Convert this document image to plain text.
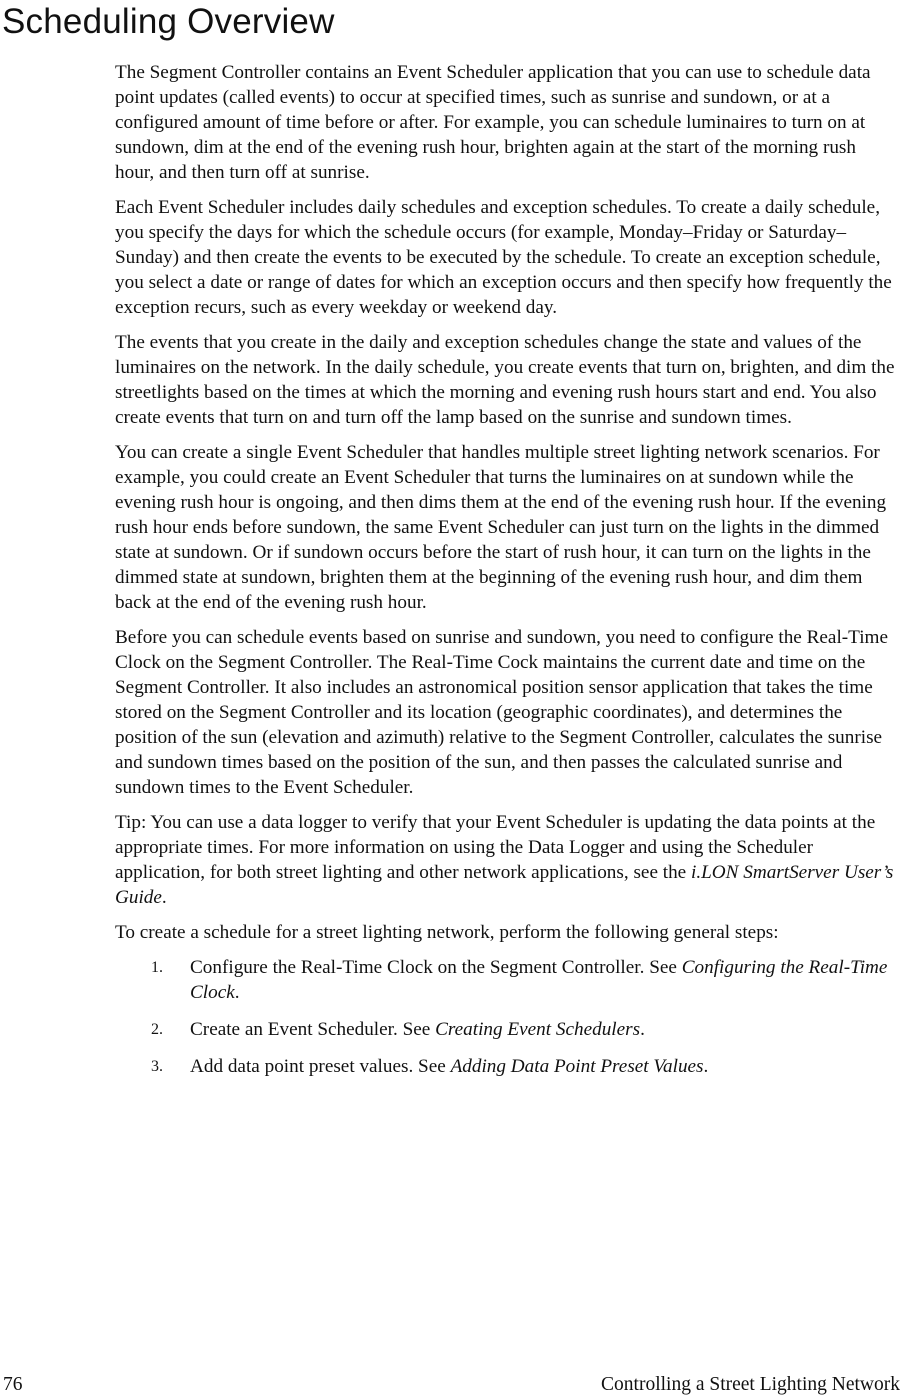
Scheduling Overview

The Segment Controller contains an Event Scheduler application that you can use to schedule data point updates (called events) to occur at specified times, such as sunrise and sundown, or at a configured amount of time before or after. For example, you can schedule luminaires to turn on at sundown, dim at the end of the evening rush hour, brighten again at the start of the morning rush hour, and then turn off at sunrise.

Each Event Scheduler includes daily schedules and exception schedules. To create a daily schedule, you specify the days for which the schedule occurs (for example, Monday–Friday or Saturday–Sunday) and then create the events to be executed by the schedule. To create an exception schedule, you select a date or range of dates for which an exception occurs and then specify how frequently the exception recurs, such as every weekday or weekend day.

The events that you create in the daily and exception schedules change the state and values of the luminaires on the network. In the daily schedule, you create events that turn on, brighten, and dim the streetlights based on the times at which the morning and evening rush hours start and end. You also create events that turn on and turn off the lamp based on the sunrise and sundown times.

You can create a single Event Scheduler that handles multiple street lighting network scenarios. For example, you could create an Event Scheduler that turns the luminaires on at sundown while the evening rush hour is ongoing, and then dims them at the end of the evening rush hour. If the evening rush hour ends before sundown, the same Event Scheduler can just turn on the lights in the dimmed state at sundown. Or if sundown occurs before the start of rush hour, it can turn on the lights in the dimmed state at sundown, brighten them at the beginning of the evening rush hour, and dim them back at the end of the evening rush hour.

Before you can schedule events based on sunrise and sundown, you need to configure the Real-Time Clock on the Segment Controller. The Real-Time Cock maintains the current date and time on the Segment Controller. It also includes an astronomical position sensor application that takes the time stored on the Segment Controller and its location (geographic coordinates), and determines the position of the sun (elevation and azimuth) relative to the Segment Controller, calculates the sunrise and sundown times based on the position of the sun, and then passes the calculated sunrise and sundown times to the Event Scheduler.

Tip: You can use a data logger to verify that your Event Scheduler is updating the data points at the appropriate times. For more information on using the Data Logger and using the Scheduler application, for both street lighting and other network applications, see the i.LON SmartServer User’s Guide.

To create a schedule for a street lighting network, perform the following general steps:

1. Configure the Real-Time Clock on the Segment Controller. See Configuring the Real-Time Clock.
2. Create an Event Scheduler. See Creating Event Schedulers.
3. Add data point preset values. See Adding Data Point Preset Values.
76	Controlling a Street Lighting Network
